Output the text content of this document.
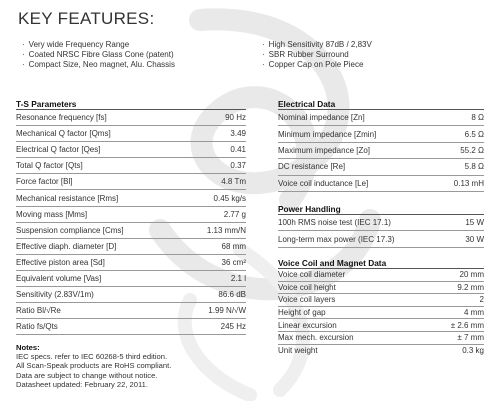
KEY FEATURES:
· Very wide Frequency Range
· Coated NRSC Fibre Glass Cone (patent)
· Compact Size, Neo magnet, Alu. Chassis
· High Sensitivity 87dB / 2,83V
· SBR Rubber Surround
· Copper Cap on Pole Piece
T-S Parameters
Resonance frequency [fs]	90 Hz
Mechanical Q factor [Qms]	3.49
Electrical Q factor [Qes]	0.41
Total Q factor [Qts]	0.37
Force factor [Bl]	4.8 Tm
Mechanical resistance [Rms]	0.45 kg/s
Moving mass [Mms]	2.77 g
Suspension compliance [Cms]	1.13 mm/N
Effective diaph. diameter [D]	68 mm
Effective piston area [Sd]	36 cm²
Equivalent volume [Vas]	2.1 l
Sensitivity (2.83V/1m)	86.6 dB
Ratio Bl/√Re	1.99 N/√W
Ratio fs/Qts	245 Hz
Electrical Data
Nominal impedance [Zn]	8 Ω
Minimum impedance [Zmin]	6.5 Ω
Maximum impedance [Zo]	55.2 Ω
DC resistance [Re]	5.8 Ω
Voice coil inductance [Le]	0.13 mH
Power Handling
100h RMS noise test (IEC 17.1)	15 W
Long-term max power (IEC 17.3)	30 W
Voice Coil and Magnet Data
Voice coil diameter	20 mm
Voice coil height	9.2 mm
Voice coil layers	2
Height of gap	4 mm
Linear excursion	± 2.6 mm
Max mech. excursion	± 7 mm
Unit weight	0.3 kg
Notes:
IEC specs. refer to IEC 60268-5 third edition.
All Scan-Speak products are RoHS compliant.
Data are subject to change without notice.
Datasheet updated: February 22, 2011.
